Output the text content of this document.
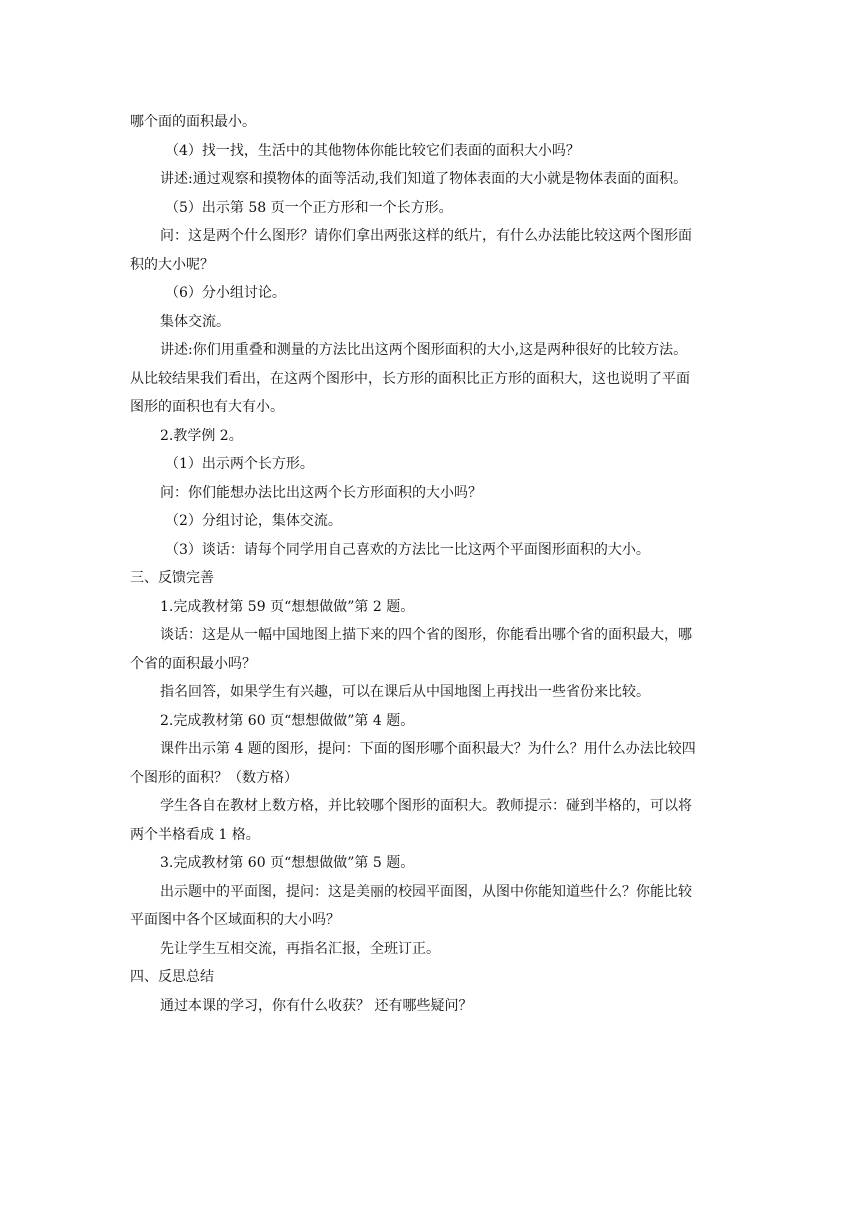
哪个面的面积最小。

（4）找一找，生活中的其他物体你能比较它们表面的面积大小吗？

讲述:通过观察和摸物体的面等活动,我们知道了物体表面的大小就是物体表面的面积。

（5）出示第 58 页一个正方形和一个长方形。

问：这是两个什么图形？请你们拿出两张这样的纸片，有什么办法能比较这两个图形面

积的大小呢？

（6）分小组讨论。

集体交流。

讲述:你们用重叠和测量的方法比出这两个图形面积的大小,这是两种很好的比较方法。

从比较结果我们看出，在这两个图形中，长方形的面积比正方形的面积大，这也说明了平面

图形的面积也有大有小。

2.教学例 2。

（1）出示两个长方形。

问：你们能想办法比出这两个长方形面积的大小吗？

（2）分组讨论，集体交流。

（3）谈话：请每个同学用自己喜欢的方法比一比这两个平面图形面积的大小。

三、反馈完善

1.完成教材第 59 页“想想做做”第 2 题。

谈话：这是从一幅中国地图上描下来的四个省的图形，你能看出哪个省的面积最大，哪

个省的面积最小吗？

指名回答，如果学生有兴趣，可以在课后从中国地图上再找出一些省份来比较。

2.完成教材第 60 页“想想做做”第 4 题。

课件出示第 4 题的图形，提问：下面的图形哪个面积最大？为什么？用什么办法比较四

个图形的面积？（数方格）

学生各自在教材上数方格，并比较哪个图形的面积大。教师提示：碰到半格的，可以将

两个半格看成 1 格。

3.完成教材第 60 页“想想做做”第 5 题。

出示题中的平面图，提问：这是美丽的校园平面图，从图中你能知道些什么？你能比较

平面图中各个区域面积的大小吗？

先让学生互相交流，再指名汇报，全班订正。

四、反思总结

通过本课的学习，你有什么收获？ 还有哪些疑问？
